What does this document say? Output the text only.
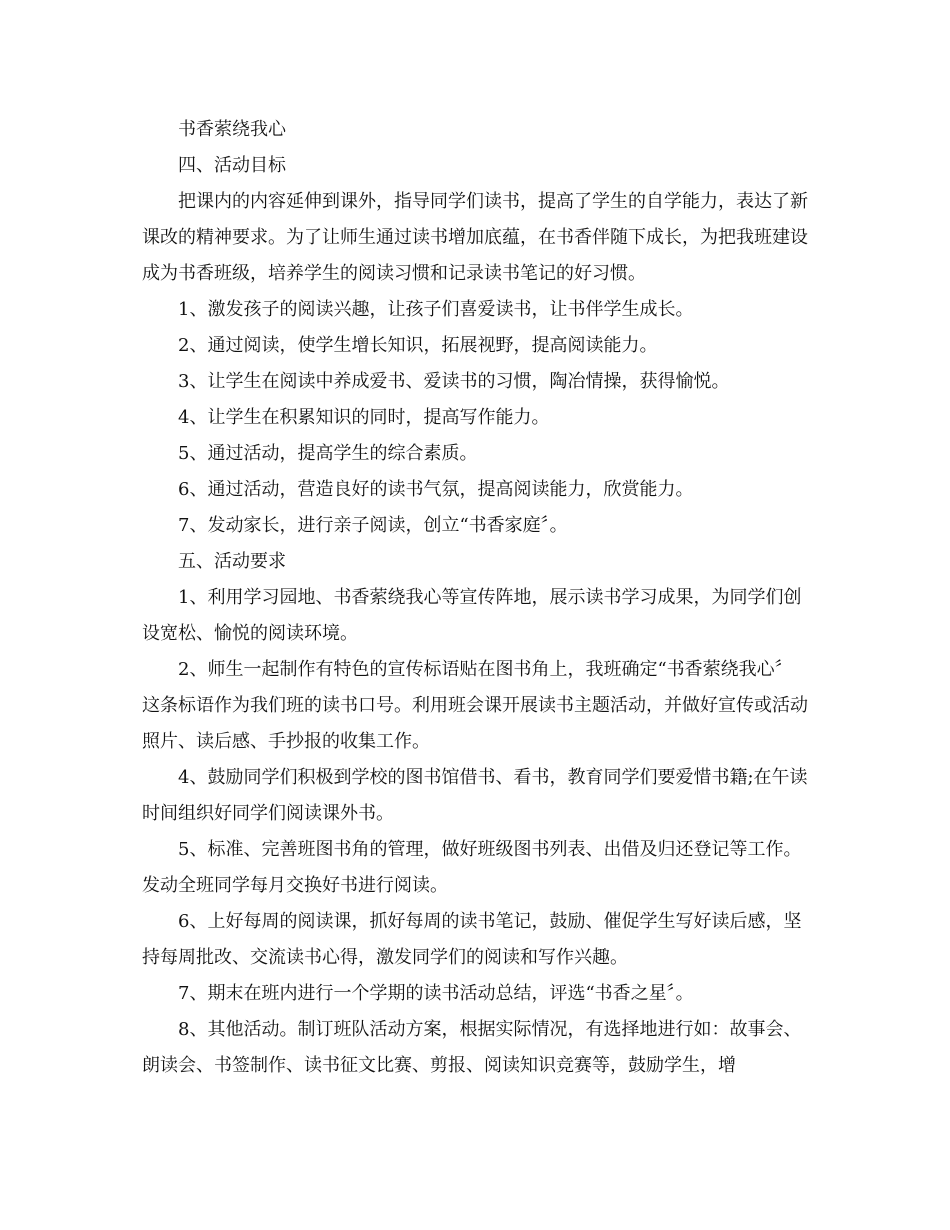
书香萦绕我心

四、活动目标

把课内的内容延伸到课外，指导同学们读书，提高了学生的自学能力，表达了新课改的精神要求。为了让师生通过读书增加底蕴，在书香伴随下成长，为把我班建设成为书香班级，培养学生的阅读习惯和记录读书笔记的好习惯。

1、激发孩子的阅读兴趣，让孩子们喜爱读书，让书伴学生成长。

2、通过阅读，使学生增长知识，拓展视野，提高阅读能力。

3、让学生在阅读中养成爱书、爱读书的习惯，陶冶情操，获得愉悦。

4、让学生在积累知识的同时，提高写作能力。

5、通过活动，提高学生的综合素质。

6、通过活动，营造良好的读书气氛，提高阅读能力，欣赏能力。

7、发动家长，进行亲子阅读，创立“书香家庭〞。

五、活动要求

1、利用学习园地、书香萦绕我心等宣传阵地，展示读书学习成果，为同学们创设宽松、愉悦的阅读环境。

2、师生一起制作有特色的宣传标语贴在图书角上，我班确定“书香萦绕我心〞这条标语作为我们班的读书口号。利用班会课开展读书主题活动，并做好宣传或活动照片、读后感、手抄报的收集工作。

4、鼓励同学们积极到学校的图书馆借书、看书，教育同学们要爱惜书籍;在午读时间组织好同学们阅读课外书。

5、标准、完善班图书角的管理，做好班级图书列表、出借及归还登记等工作。发动全班同学每月交换好书进行阅读。

6、上好每周的阅读课，抓好每周的读书笔记，鼓励、催促学生写好读后感，坚持每周批改、交流读书心得，激发同学们的阅读和写作兴趣。

7、期末在班内进行一个学期的读书活动总结，评选“书香之星〞。

8、其他活动。制订班队活动方案，根据实际情况，有选择地进行如：故事会、朗读会、书签制作、读书征文比赛、剪报、阅读知识竞赛等，鼓励学生，增
